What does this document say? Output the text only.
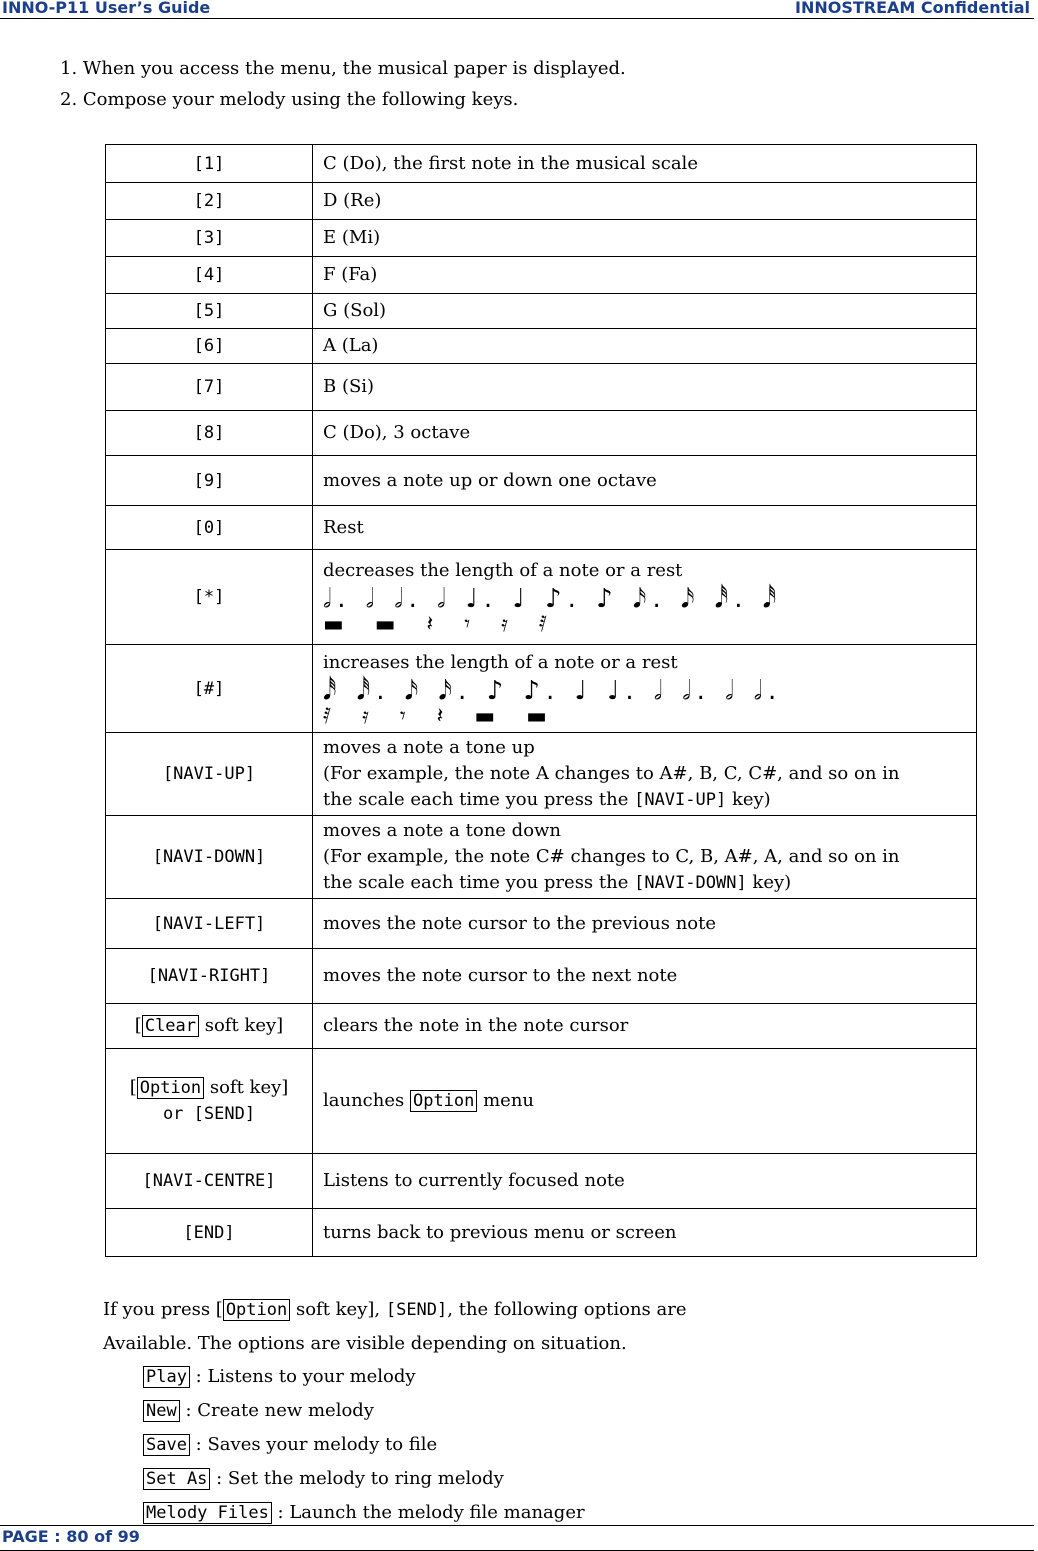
INNO-P11 User’s Guide	INNOSTREAM Confidential
1. When you access the menu, the musical paper is displayed.
2. Compose your melody using the following keys.
[1]	C (Do), the first note in the musical scale
[2]	D (Re)
[3]	E (Mi)
[4]	F (Fa)
[5]	G (Sol)
[6]	A (La)
[7]	B (Si)
[8]	C (Do), 3 octave
[9]	moves a note up or down one octave
[0]	Rest
[*]	decreases the length of a note or a rest
𝅗𝅥. 𝅗𝅥 𝅗𝅥. 𝅗𝅥 ♩. ♩ ♪. ♪ 𝅘𝅥𝅯. 𝅘𝅥𝅯 𝅘𝅥𝅰. 𝅘𝅥𝅰
▬ ▬ 𝄽 𝄾 𝄿 𝅀

[#]	increases the length of a note or a rest
𝅘𝅥𝅰 𝅘𝅥𝅰. 𝅘𝅥𝅯 𝅘𝅥𝅯. ♪ ♪. ♩ ♩. 𝅗𝅥 𝅗𝅥. 𝅗𝅥 𝅗𝅥.
𝅀 𝄿 𝄾 𝄽 ▬ ▬

[NAVI-UP]	moves a note a tone up
(For example, the note A changes to A#, B, C, C#, and so on in
the scale each time you press the [NAVI-UP] key)

[NAVI-DOWN]	moves a note a tone down
(For example, the note C# changes to C, B, A#, A, and so on in
the scale each time you press the [NAVI-DOWN] key)

[NAVI-LEFT]	moves the note cursor to the previous note
[NAVI-RIGHT]	moves the note cursor to the next note
[ Clear soft key]	clears the note in the note cursor

[ Option soft key]
or [SEND]	launches Option menu
[NAVI-CENTRE]	Listens to currently focused note
[END]	turns back to previous menu or screen
If you press [ Option soft key], [SEND], the following options are
Available. The options are visible depending on situation.
Play : Listens to your melody
New : Create new melody
Save : Saves your melody to file
Set As : Set the melody to ring melody
Melody Files : Launch the melody file manager
PAGE : 80 of 99
